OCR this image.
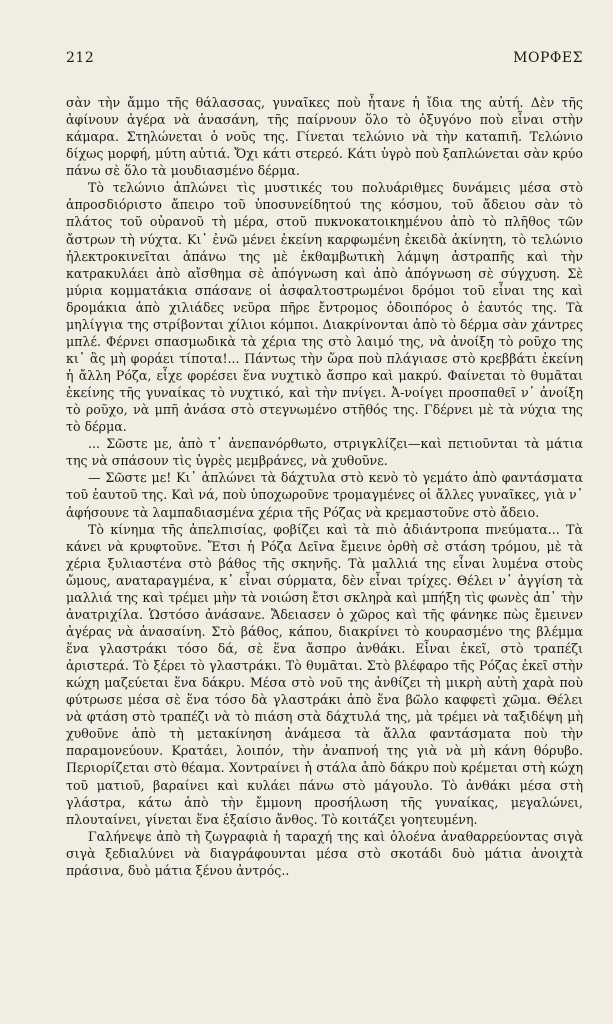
212	ΜΟΡΦΕΣ

σὰν τὴν ἄμμο τῆς θάλασσας, γυναῖκες ποὺ ἦτανε ἡ ἴδια της αὐτή. Δὲν τῆς ἀφίνουν ἀγέρα νὰ ἀνασάνη, τῆς παίρνουν ὅλο τὸ ὀξυγόνο ποὺ εἶναι στὴν κάμαρα. Στηλώνεται ὁ νοῦς της. Γίνεται τελώνιο νὰ τὴν καταπιῆ. Τελώνιο δίχως μορφή, μύτη αὐτιά. Ὄχι κάτι στερεό. Κάτι ὑγρὸ ποὺ ξαπλώνεται σὰν κρύο πάνω σὲ ὅλο τὰ μουδιασμένο δέρμα.

Τὸ τελώνιο ἁπλώνει τὶς μυστικές του πολυάριθμες δυνάμεις μέσα στὸ ἀπροσδιόριστο ἄπειρο τοῦ ὑποσυνείδητού της κόσμου, τοῦ ἄδειου σὰν τὸ πλάτος τοῦ οὐρανοῦ τὴ μέρα, στοῦ πυκνοκατοικημένου ἀπὸ τὸ πλῆθος τῶν ἄστρων τὴ νύχτα. Κι᾽ ἐνῶ μένει ἐκείνη καρφωμένη ἐκειδὰ ἀκίνητη, τὸ τελώνιο ἠλεκτροκινεῖται ἀπάνω της μὲ ἐκθαμβωτικὴ λάμψη ἀστραπῆς καὶ τὴν κατρακυλάει ἀπὸ αἴσθημα σὲ ἀπόγνωση καὶ ἀπὸ ἀπόγνωση σὲ σύγχυση. Σὲ μύρια κομματάκια σπάσανε οἱ ἀσφαλτοστρωμένοι δρόμοι τοῦ εἶναι της καὶ δρομάκια ἀπὸ χιλιάδες νεῦρα πῆρε ἔντρομος ὁδοιπόρος ὁ ἑαυτός της. Τὰ μηλίγγια της στρίβονται χίλιοι κόμποι. Διακρίνονται ἀπὸ τὸ δέρμα σὰν χάντρες μπλέ. Φέρνει σπασμωδικὰ τὰ χέρια της στὸ λαιμό της, νὰ ἀνοίξη τὸ ροῦχο της κι᾽ ἂς μὴ φοράει τίποτα!... Πάντως τὴν ὥρα ποὺ πλάγιασε στὸ κρεββάτι ἐκείνη ἡ ἄλλη Ρόζα, εἶχε φορέσει ἕνα νυχτικὸ ἄσπρο καὶ μακρύ. Φαίνεται τὸ θυμᾶται ἐκείνης τῆς γυναίκας τὸ νυχτικό, καὶ τὴν πνίγει. Ἀ-νοίγει προσπαθεῖ ν᾽ ἀνοίξη τὸ ροῦχο, νὰ μπῆ ἀνάσα στὸ στεγνωμένο στῆθός της. Γδέρνει μὲ τὰ νύχια της τὸ δέρμα.

... Σῶστε με, ἀπὸ τ᾽ ἀνεπανόρθωτο, στριγκλίζει—καὶ πετιοῦνται τὰ μάτια της νὰ σπάσουν τὶς ὑγρὲς μεμβράνες, νὰ χυθοῦνε.

— Σῶστε με! Κι᾽ ἁπλώνει τὰ δάχτυλα στὸ κενὸ τὸ γεμάτο ἀπὸ φαντάσματα τοῦ ἑαυτοῦ της. Καὶ νά, ποὺ ὑποχωροῦνε τρομαγμένες οἱ ἄλλες γυναῖκες, γιὰ ν᾽ ἀφήσουνε τὰ λαμπαδιασμένα χέρια τῆς Ρόζας νὰ κρεμαστοῦνε στὸ ἄδειο.

Τὸ κίνημα τῆς ἀπελπισίας, φοβίζει καὶ τὰ πιὸ ἀδιάντροπα πνεύματα... Τὰ κάνει νὰ κρυφτοῦνε. Ἔτσι ἡ Ρόζα Δεῖνα ἔμεινε ὀρθὴ σὲ στάση τρόμου, μὲ τὰ χέρια ξυλιαστένα στὸ βάθος τῆς σκηνῆς. Τὰ μαλλιά της εἶναι λυμένα στοὺς ὤμους, αναταραγμένα, κ᾽ εἶναι σύρματα, δὲν εἶναι τρίχες. Θέλει ν᾽ ἀγγίση τὰ μαλλιά της καὶ τρέμει μὴν τὰ νοιώση ἔτσι σκληρὰ καὶ μπήξη τὶς φωνὲς ἀπ᾽ τὴν ἀνατριχίλα. Ὡστόσο ἀνάσανε. Ἄδειασεν ὁ χῶρος καὶ τῆς φάνηκε πὼς ἔμεινεν ἀγέρας νὰ ἀνασαίνη. Στὸ βάθος, κάπου, διακρίνει τὸ κουρασμένο της βλέμμα ἕνα γλαστράκι τόσο δά, σὲ ἕνα ἄσπρο ἀνθάκι. Εἶναι ἐκεῖ, στὸ τραπέζι ἀριστερά. Τὸ ξέρει τὸ γλαστράκι. Τὸ θυμᾶται. Στὸ βλέφαρο τῆς Ρόζας ἐκεῖ στὴν κώχη μαζεύεται ἕνα δάκρυ. Μέσα στὸ νοῦ της ἀνθίζει τὴ μικρὴ αὐτὴ χαρὰ ποὺ φύτρωσε μέσα σὲ ἕνα τόσο δὰ γλαστράκι ἀπὸ ἕνα βῶλο καφφετὶ χῶμα. Θέλει νὰ φτάση στὸ τραπέζι νὰ τὸ πιάση στὰ δάχτυλά της, μὰ τρέμει νὰ ταξιδέψη μὴ χυθοῦνε ἀπὸ τὴ μετακίνηση ἀνάμεσα τὰ ἄλλα φαντάσματα ποὺ τὴν παραμονεύουν. Κρατάει, λοιπόν, τὴν ἀναπνοή της γιὰ νὰ μὴ κάνη θόρυβο. Περιορίζεται στὸ θέαμα. Χοντραίνει ἡ στάλα ἀπὸ δάκρυ ποὺ κρέμεται στὴ κώχη τοῦ ματιοῦ, βαραίνει καὶ κυλάει πάνω στὸ μάγουλο. Τὸ ἀνθάκι μέσα στὴ γλάστρα, κάτω ἀπὸ τὴν ἔμμονη προσήλωση τῆς γυναίκας, μεγαλώνει, πλουταίνει, γίνεται ἕνα ἐξαίσιο ἄνθος. Τὸ κοιτάζει γοητευμένη.

Γαλήνεψε ἀπὸ τὴ ζωγραφιὰ ἡ ταραχή της καὶ ὁλοένα ἀναθαρρεύοντας σιγὰ σιγὰ ξεδιαλύνει νὰ διαγράφουνται μέσα στὸ σκοτάδι δυὸ μάτια ἀνοιχτὰ πράσινα, δυὸ μάτια ξένου ἀντρός..
